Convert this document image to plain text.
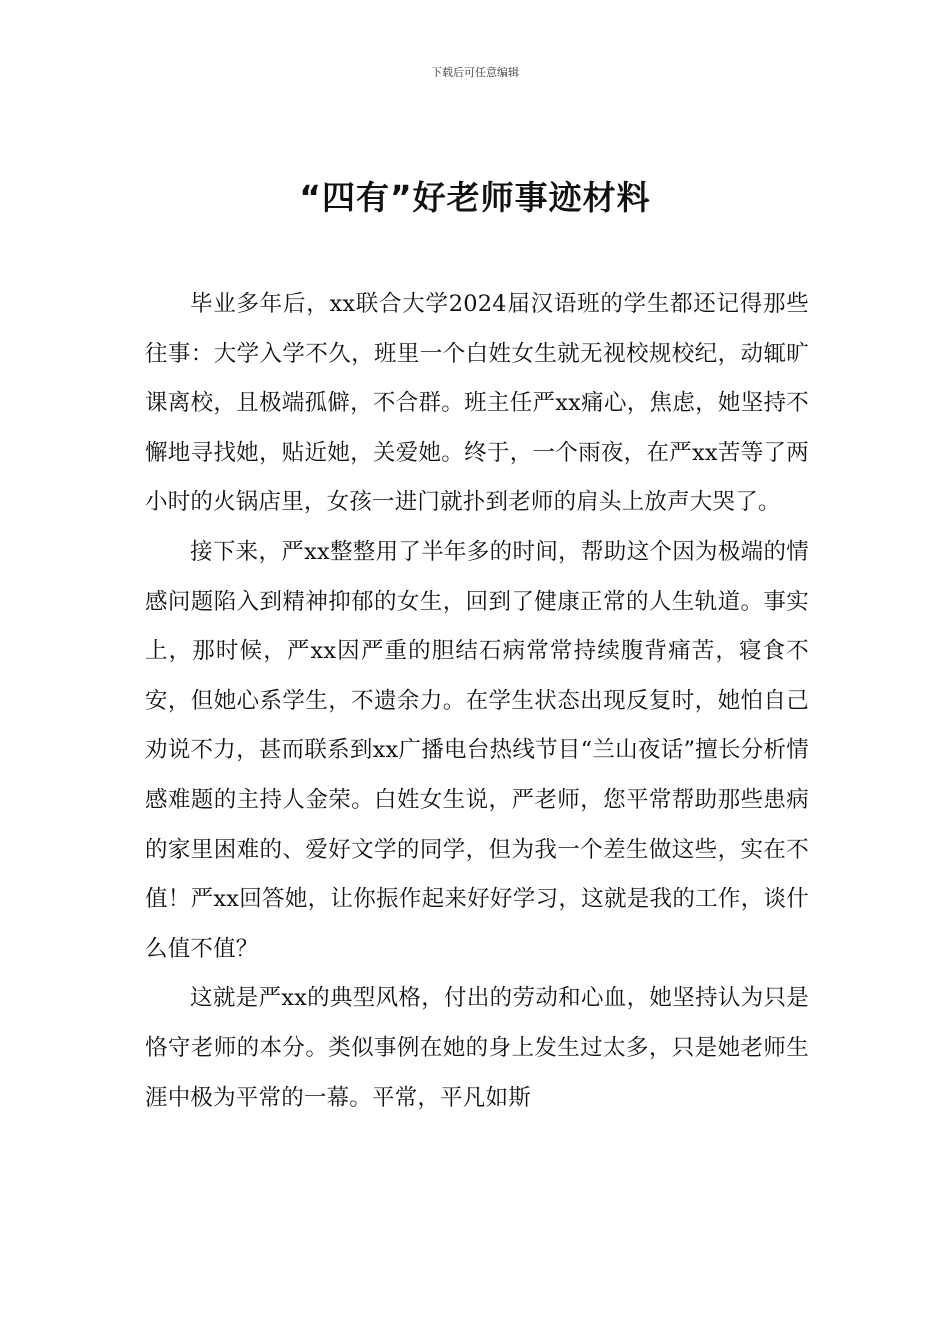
下载后可任意编辑
“四有”好老师事迹材料

毕业多年后，xx联合大学2024届汉语班的学生都还记得那些往事：大学入学不久，班里一个白姓女生就无视校规校纪，动辄旷课离校，且极端孤僻，不合群。班主任严xx痛心，焦虑，她坚持不懈地寻找她，贴近她，关爱她。终于，一个雨夜，在严xx苦等了两小时的火锅店里，女孩一进门就扑到老师的肩头上放声大哭了。

接下来，严xx整整用了半年多的时间，帮助这个因为极端的情感问题陷入到精神抑郁的女生，回到了健康正常的人生轨道。事实上，那时候，严xx因严重的胆结石病常常持续腹背痛苦，寝食不安，但她心系学生，不遗余力。在学生状态出现反复时，她怕自己劝说不力，甚而联系到xx广播电台热线节目“兰山夜话”擅长分析情感难题的主持人金荣。白姓女生说，严老师，您平常帮助那些患病的家里困难的、爱好文学的同学，但为我一个差生做这些，实在不值！严xx回答她，让你振作起来好好学习，这就是我的工作，谈什么值不值？

这就是严xx的典型风格，付出的劳动和心血，她坚持认为只是恪守老师的本分。类似事例在她的身上发生过太多，只是她老师生涯中极为平常的一幕。平常，平凡如斯
